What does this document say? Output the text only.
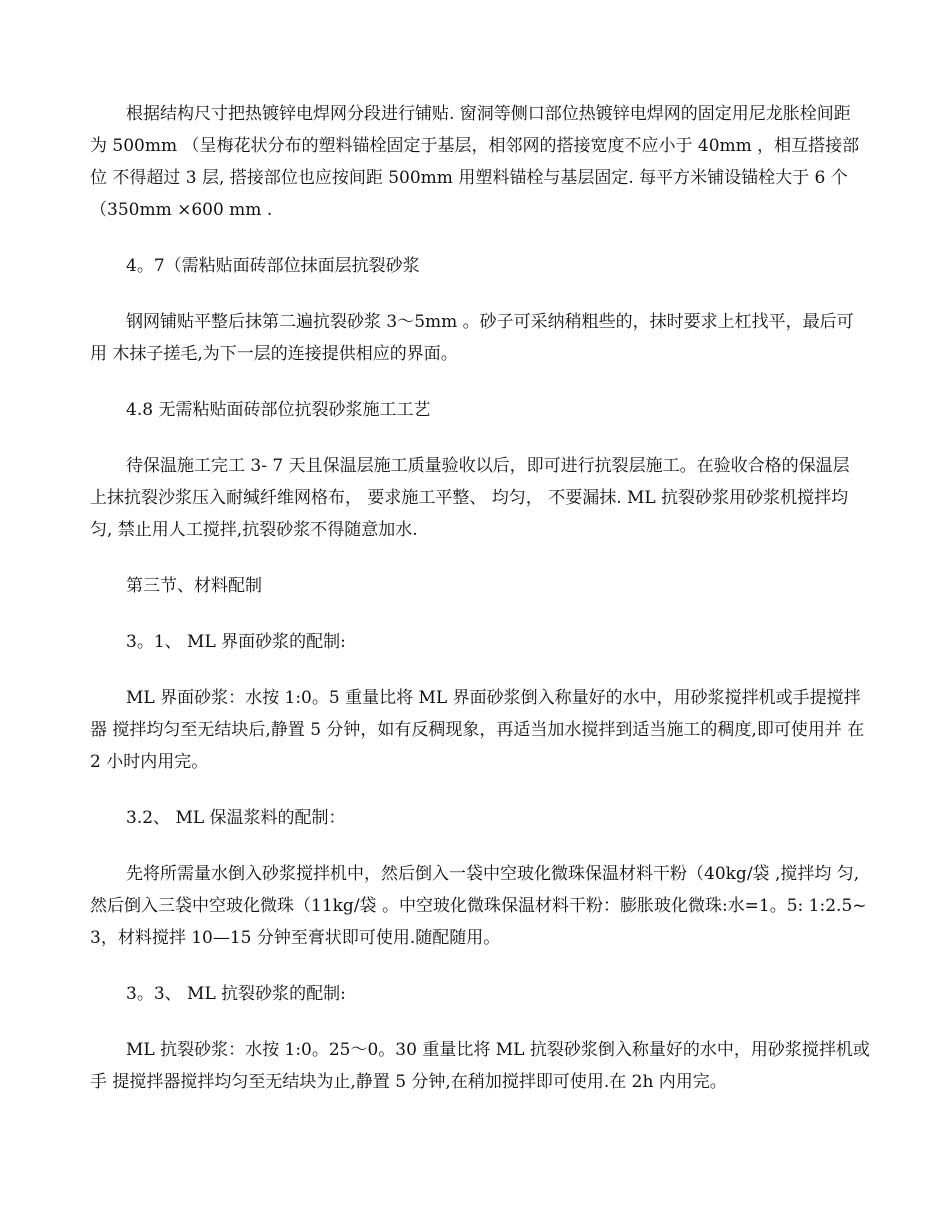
根据结构尺寸把热镀锌电焊网分段进行铺贴. 窗洞等侧口部位热镀锌电焊网的固定用尼龙胀栓间距 为 500mm （呈梅花状分布的塑料锚栓固定于基层，相邻网的搭接宽度不应小于 40mm ，相互搭接部位 不得超过 3 层, 搭接部位也应按间距 500mm 用塑料锚栓与基层固定. 每平方米铺设锚栓大于 6 个 （350mm ×600 mm .

4。7（需粘贴面砖部位抹面层抗裂砂浆

钢网铺贴平整后抹第二遍抗裂砂浆 3～5mm 。砂子可采纳稍粗些的，抹时要求上杠找平，最后可用 木抹子搓毛,为下一层的连接提供相应的界面。

4.8 无需粘贴面砖部位抗裂砂浆施工工艺

待保温施工完工 3- 7 天且保温层施工质量验收以后，即可进行抗裂层施工。在验收合格的保温层 上抹抗裂沙浆压入耐缄纤维网格布， 要求施工平整、 均匀， 不要漏抹. ML 抗裂砂浆用砂浆机搅拌均匀, 禁止用人工搅拌,抗裂砂浆不得随意加水.

第三节、材料配制

3。1、 ML 界面砂浆的配制:

ML 界面砂浆：水按 1:0。5 重量比将 ML 界面砂浆倒入称量好的水中，用砂浆搅拌机或手提搅拌器 搅拌均匀至无结块后,静置 5 分钟，如有反稠现象，再适当加水搅拌到适当施工的稠度,即可使用并 在 2 小时内用完。

3.2、 ML 保温浆料的配制：

先将所需量水倒入砂浆搅拌机中，然后倒入一袋中空玻化微珠保温材料干粉（40kg/袋 ,搅拌均 匀,然后倒入三袋中空玻化微珠（11kg/袋 。中空玻化微珠保温材料干粉：膨胀玻化微珠:水=1。5: 1:2.5~3，材料搅拌 10—15 分钟至膏状即可使用.随配随用。

3。3、 ML 抗裂砂浆的配制:

ML 抗裂砂浆：水按 1:0。25～0。30 重量比将 ML 抗裂砂浆倒入称量好的水中，用砂浆搅拌机或手 提搅拌器搅拌均匀至无结块为止,静置 5 分钟,在稍加搅拌即可使用.在 2h 内用完。
